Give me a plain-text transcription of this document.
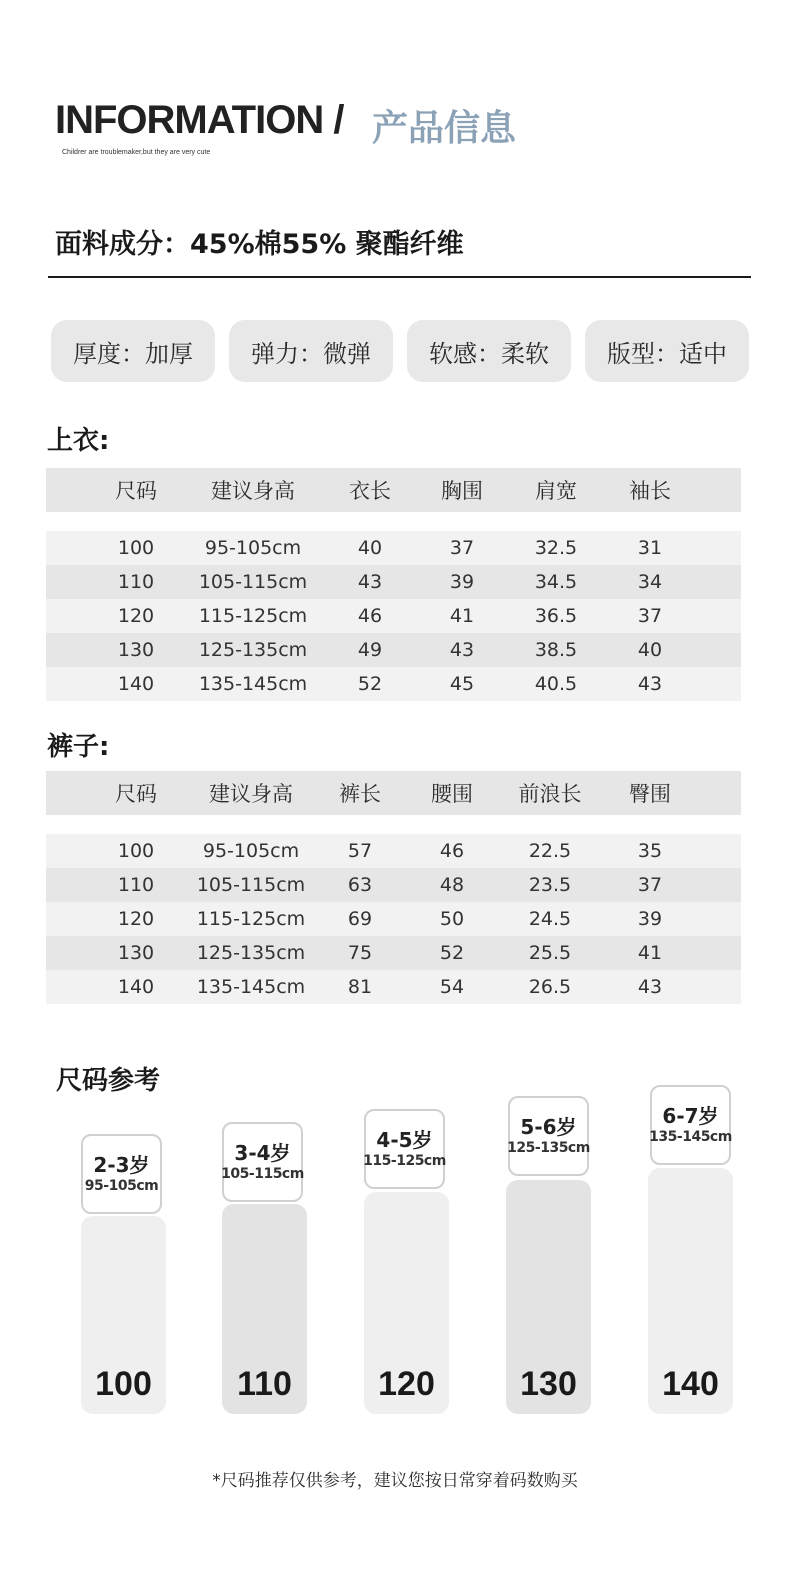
INFORMATION / 产品信息
Childrer are troublemaker,but they are very cute
面料成分：45%棉55% 聚酯纤维
厚度：加厚	弹力：微弹	软感：柔软	版型：适中
上衣:
尺码	建议身高	衣长	胸围	肩宽	袖长
100	95-105cm	40	37	32.5	31
110	105-115cm	43	39	34.5	34
120	115-125cm	46	41	36.5	37
130	125-135cm	49	43	38.5	40
140	135-145cm	52	45	40.5	43
裤子:
尺码	建议身高	裤长	腰围	前浪长	臀围
100	95-105cm	57	46	22.5	35
110	105-115cm	63	48	23.5	37
120	115-125cm	69	50	24.5	39
130	125-135cm	75	52	25.5	41
140	135-145cm	81	54	26.5	43
尺码参考
100
2-3岁
95-105cm
110
3-4岁
105-115cm
120
4-5岁
115-125cm
130
5-6岁
125-135cm
140
6-7岁
135-145cm
*尺码推荐仅供参考，建议您按日常穿着码数购买
